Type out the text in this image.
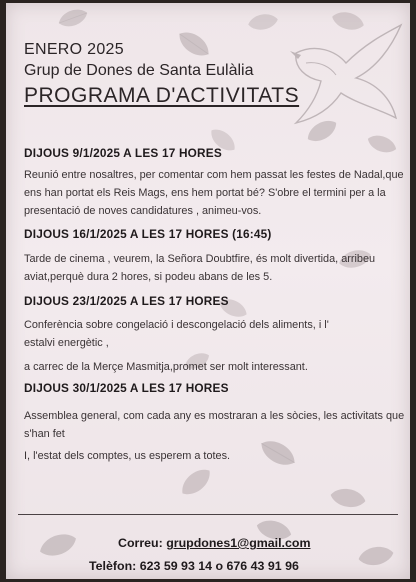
ENERO 2025
Grup de Dones de Santa Eulàlia
PROGRAMA D'ACTIVITATS
DIJOUS 9/1/2025 A LES 17 HORES
Reunió entre nosaltres, per comentar com hem passat les festes de Nadal,que ens han portat els Reis Mags, ens hem portat bé? S'obre el termini per a la presentació de noves candidatures , animeu-vos.
DIJOUS 16/1/2025 A LES 17 HORES (16:45)
Tarde de cinema , veurem, la Señora Doubtfire, és molt divertida, arribeu aviat,perquè dura 2 hores, si podeu abans de les 5.
DIJOUS 23/1/2025 A LES 17 HORES
Conferència sobre congelació i descongelació dels aliments, i l' estalvi energètic ,
a carrec de la Merçe Masmitja,promet ser molt interessant.
DIJOUS 30/1/2025 A LES 17 HORES
Assemblea general, com cada any es mostraran a les sòcies, les activitats que s'han fet
I, l'estat dels comptes, us esperem a totes.
Correu: grupdones1@gmail.com
Telèfon: 623 59 93 14 o 676 43 91 96
